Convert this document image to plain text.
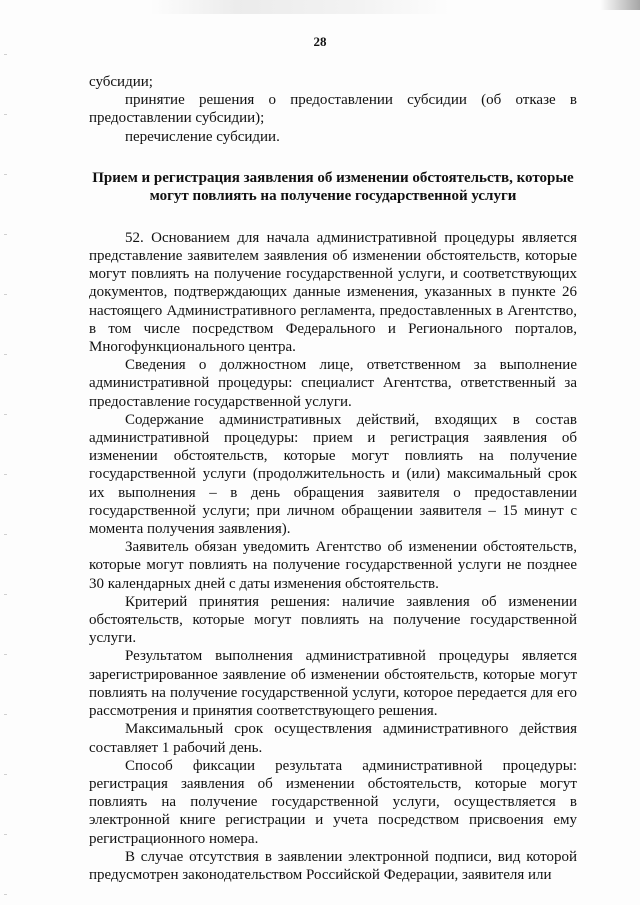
28

субсидии;

принятие решения о предоставлении субсидии (об отказе в предоставлении субсидии);

перечисление субсидии.

Прием и регистрация заявления об изменении обстоятельств, которые могут повлиять на получение государственной услуги

52. Основанием для начала административной процедуры является представление заявителем заявления об изменении обстоятельств, которые могут повлиять на получение государственной услуги, и соответствующих документов, подтверждающих данные изменения, указанных в пункте 26 настоящего Административного регламента, предоставленных в Агентство, в том числе посредством Федерального и Регионального порталов, Многофункционального центра.

Сведения о должностном лице, ответственном за выполнение административной процедуры: специалист Агентства, ответственный за предоставление государственной услуги.

Содержание административных действий, входящих в состав административной процедуры: прием и регистрация заявления об изменении обстоятельств, которые могут повлиять на получение государственной услуги (продолжительность и (или) максимальный срок их выполнения – в день обращения заявителя о предоставлении государственной услуги; при личном обращении заявителя – 15 минут с момента получения заявления).

Заявитель обязан уведомить Агентство об изменении обстоятельств, которые могут повлиять на получение государственной услуги не позднее 30 календарных дней с даты изменения обстоятельств.

Критерий принятия решения: наличие заявления об изменении обстоятельств, которые могут повлиять на получение государственной услуги.

Результатом выполнения административной процедуры является зарегистрированное заявление об изменении обстоятельств, которые могут повлиять на получение государственной услуги, которое передается для его рассмотрения и принятия соответствующего решения.

Максимальный срок осуществления административного действия составляет 1 рабочий день.

Способ фиксации результата административной процедуры: регистрация заявления об изменении обстоятельств, которые могут повлиять на получение государственной услуги, осуществляется в электронной книге регистрации и учета посредством присвоения ему регистрационного номера.

В случае отсутствия в заявлении электронной подписи, вид которой предусмотрен законодательством Российской Федерации, заявителя или
